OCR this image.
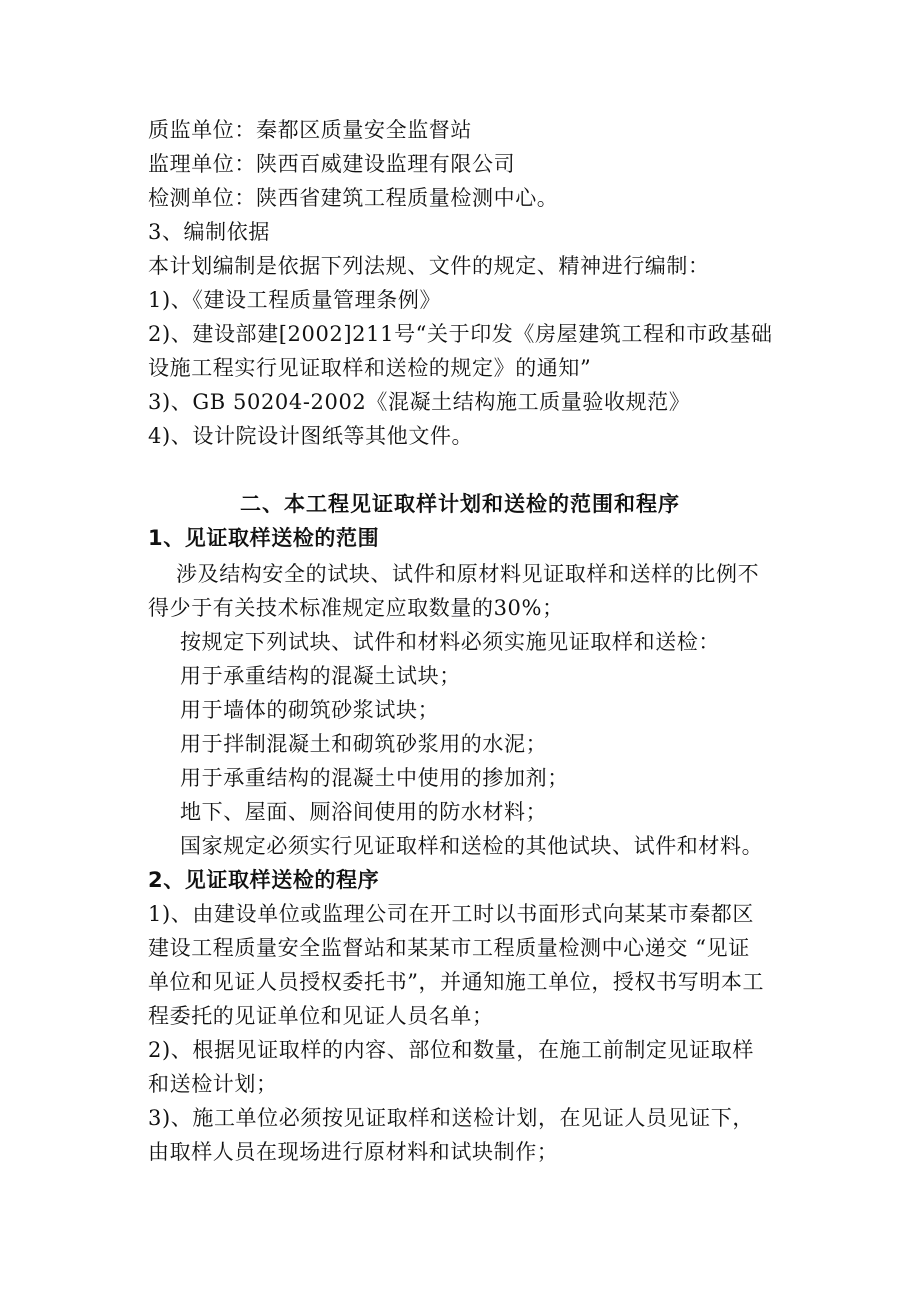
质监单位：秦都区质量安全监督站
监理单位：陕西百威建设监理有限公司
检测单位：陕西省建筑工程质量检测中心。
3、编制依据
本计划编制是依据下列法规、文件的规定、精神进行编制：
1)、《建设工程质量管理条例》
2)、建设部建[2002]211号“关于印发《房屋建筑工程和市政基础
设施工程实行见证取样和送检的规定》的通知”
3)、GB 50204-2002《混凝土结构施工质量验收规范》
4)、设计院设计图纸等其他文件。
二、本工程见证取样计划和送检的范围和程序
1、见证取样送检的范围
涉及结构安全的试块、试件和原材料见证取样和送样的比例不
得少于有关技术标准规定应取数量的30%；
按规定下列试块、试件和材料必须实施见证取样和送检：
用于承重结构的混凝土试块；
用于墙体的砌筑砂浆试块；
用于拌制混凝土和砌筑砂浆用的水泥；
用于承重结构的混凝土中使用的掺加剂；
地下、屋面、厕浴间使用的防水材料；
国家规定必须实行见证取样和送检的其他试块、试件和材料。
2、见证取样送检的程序
1)、由建设单位或监理公司在开工时以书面形式向某某市秦都区
建设工程质量安全监督站和某某市工程质量检测中心递交 “见证
单位和见证人员授权委托书”，并通知施工单位，授权书写明本工
程委托的见证单位和见证人员名单；
2)、根据见证取样的内容、部位和数量，在施工前制定见证取样
和送检计划；
3)、施工单位必须按见证取样和送检计划，在见证人员见证下，
由取样人员在现场进行原材料和试块制作；
